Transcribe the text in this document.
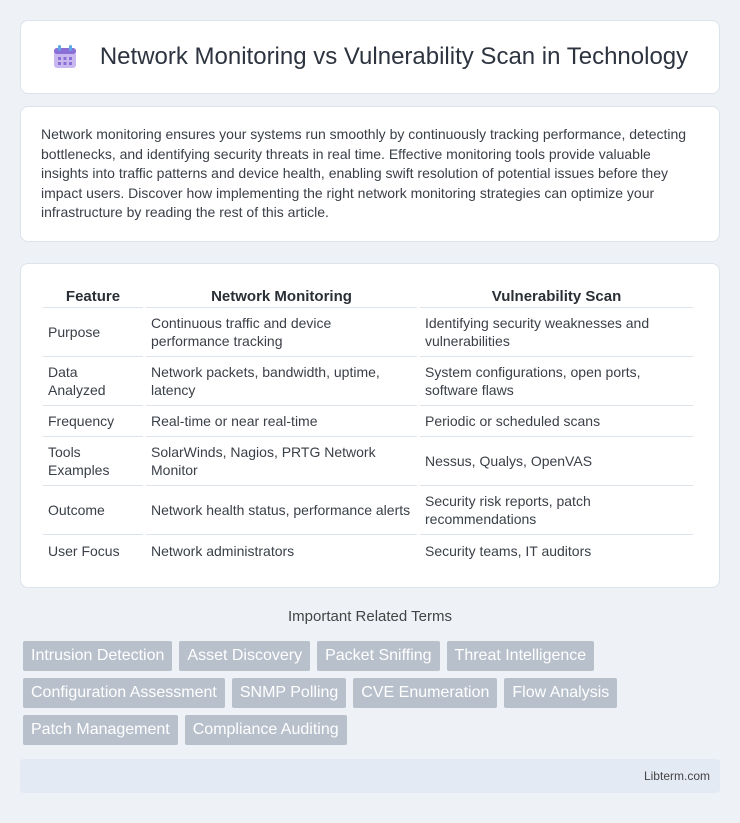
Network Monitoring vs Vulnerability Scan in Technology

Network monitoring ensures your systems run smoothly by continuously tracking performance, detecting bottlenecks, and identifying security threats in real time. Effective monitoring tools provide valuable insights into traffic patterns and device health, enabling swift resolution of potential issues before they impact users. Discover how implementing the right network monitoring strategies can optimize your infrastructure by reading the rest of this article.

Feature	Network Monitoring	Vulnerability Scan
Purpose	Continuous traffic and device performance tracking	Identifying security weaknesses and vulnerabilities
Data Analyzed	Network packets, bandwidth, uptime, latency	System configurations, open ports, software flaws
Frequency	Real-time or near real-time	Periodic or scheduled scans
Tools Examples	SolarWinds, Nagios, PRTG Network Monitor	Nessus, Qualys, OpenVAS
Outcome	Network health status, performance alerts	Security risk reports, patch recommendations
User Focus	Network administrators	Security teams, IT auditors
Important Related Terms
Intrusion Detection	Asset Discovery	Packet Sniffing	Threat Intelligence
Configuration Assessment	SNMP Polling	CVE Enumeration	Flow Analysis
Patch Management	Compliance Auditing
Libterm.com
